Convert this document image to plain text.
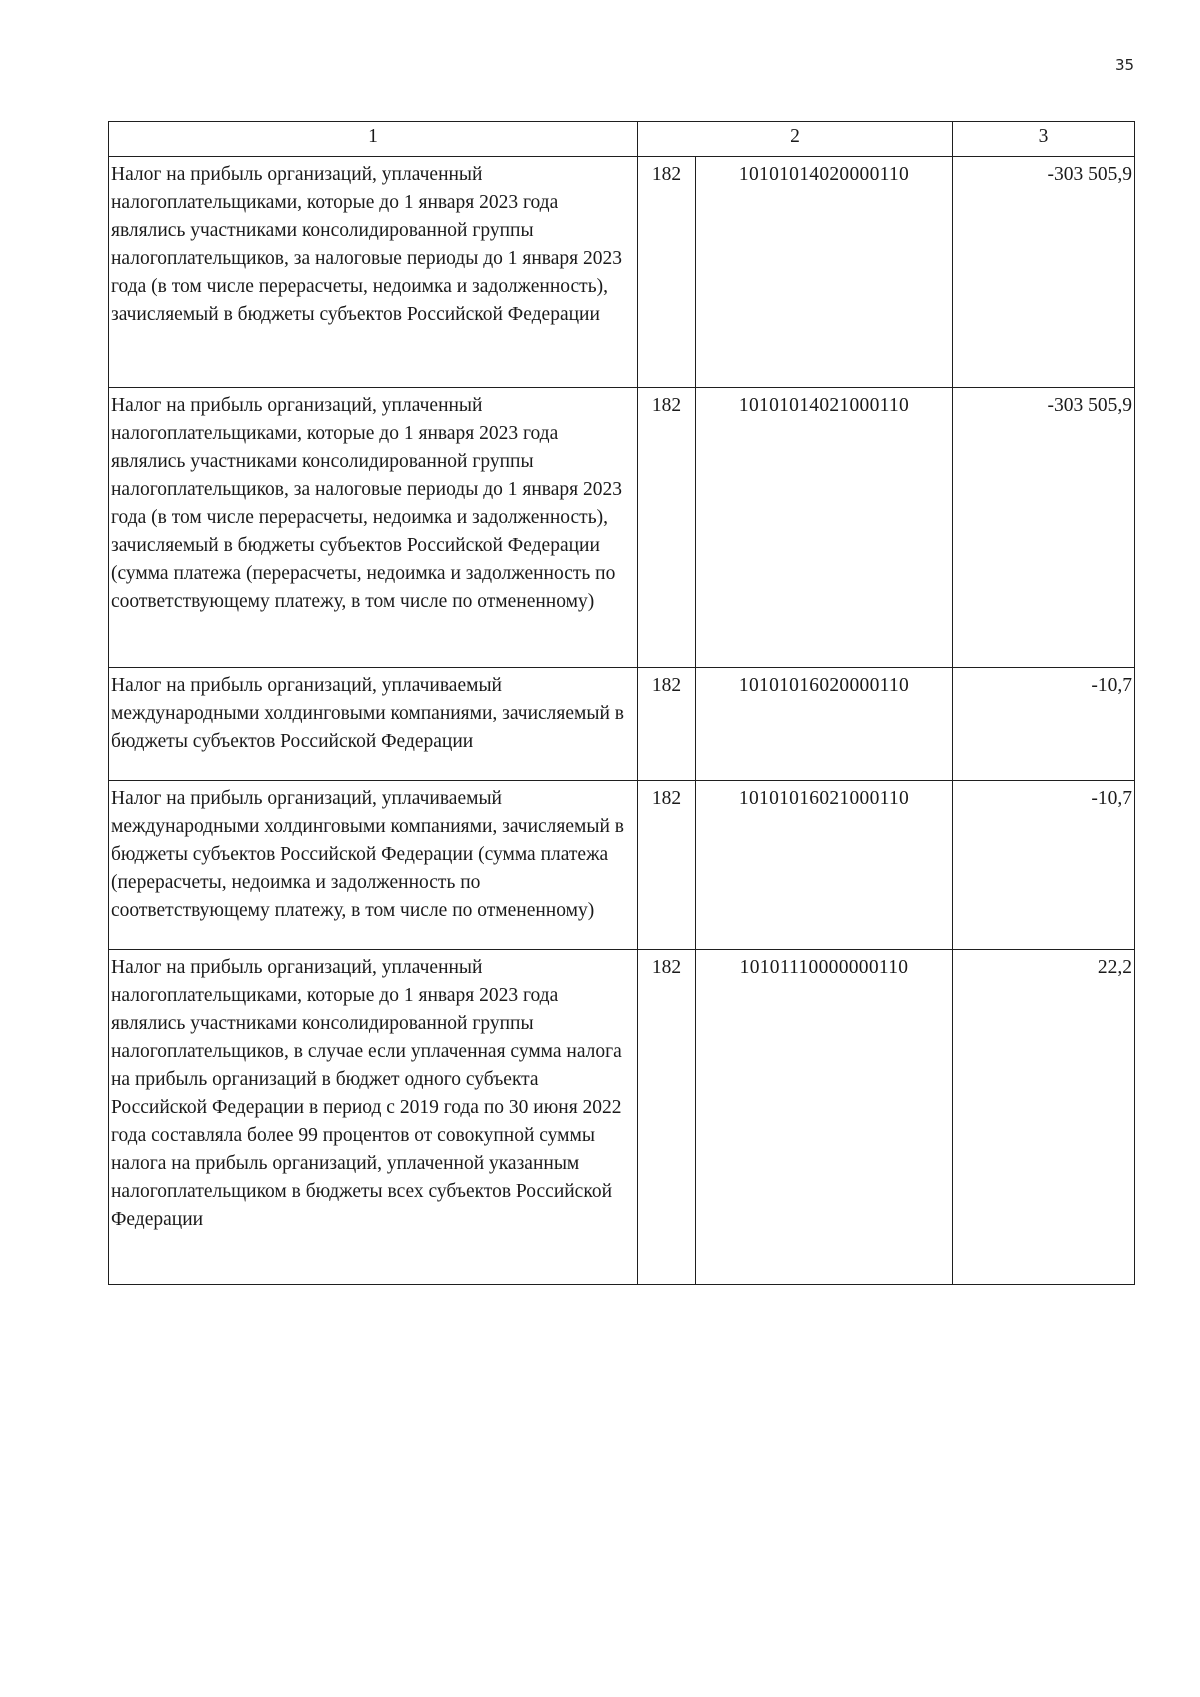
35
1	2		3
Налог на прибыль организаций, уплаченный налогоплательщиками, которые до 1 января 2023 года являлись участниками консолидированной группы налогоплательщиков, за налоговые периоды до 1 января 2023 года (в том числе перерасчеты, недоимка и задолженность), зачисляемый в бюджеты субъектов Российской Федерации	182	10101014020000110	-303 505,9
Налог на прибыль организаций, уплаченный налогоплательщиками, которые до 1 января 2023 года являлись участниками консолидированной группы налогоплательщиков, за налоговые периоды до 1 января 2023 года (в том числе перерасчеты, недоимка и задолженность), зачисляемый в бюджеты субъектов Российской Федерации (сумма платежа (перерасчеты, недоимка и задолженность по соответствующему платежу, в том числе по отмененному)	182	10101014021000110	-303 505,9
Налог на прибыль организаций, уплачиваемый международными холдинговыми компаниями, зачисляемый в бюджеты субъектов Российской Федерации	182	10101016020000110	-10,7
Налог на прибыль организаций, уплачиваемый международными холдинговыми компаниями, зачисляемый в бюджеты субъектов Российской Федерации (сумма платежа (перерасчеты, недоимка и задолженность по соответствующему платежу, в том числе по отмененному)	182	10101016021000110	-10,7
Налог на прибыль организаций, уплаченный налогоплательщиками, которые до 1 января 2023 года являлись участниками консолидированной группы налогоплательщиков, в случае если уплаченная сумма налога на прибыль организаций в бюджет одного субъекта Российской Федерации в период с 2019 года по 30 июня 2022 года составляла более 99 процентов от совокупной суммы налога на прибыль организаций, уплаченной указанным налогоплательщиком в бюджеты всех субъектов Российской Федерации	182	10101110000000110	22,2
